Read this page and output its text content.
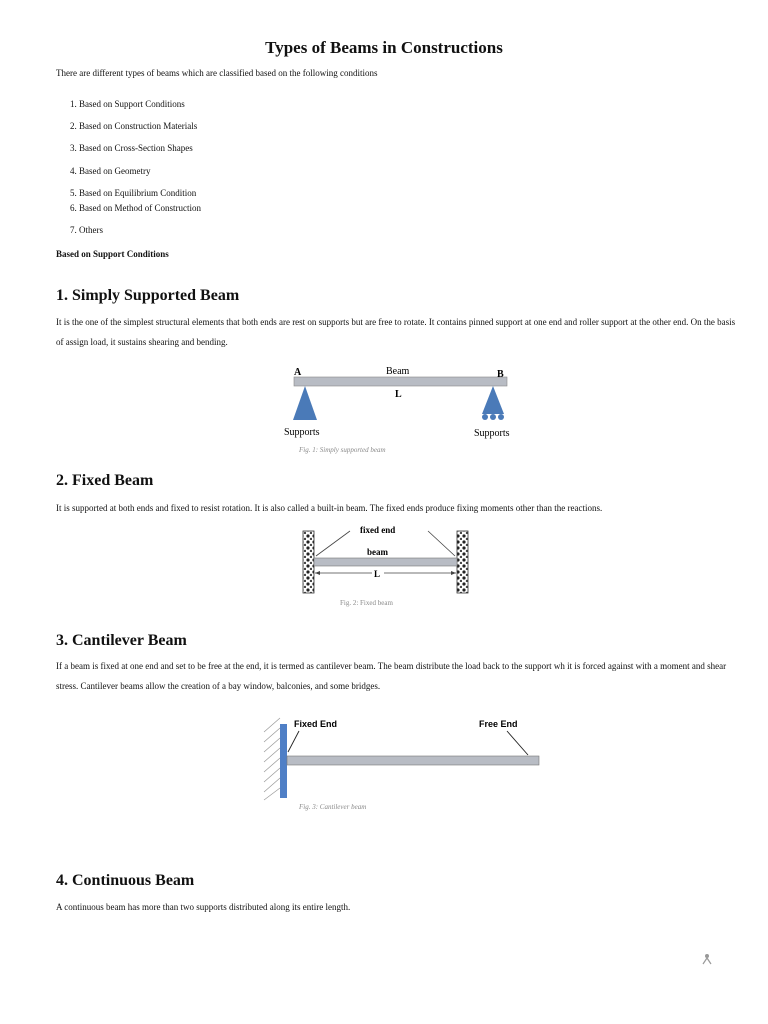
Types of Beams in Constructions

There are different types of beams which are classified based on the following conditions

1. Based on Support Conditions
2. Based on Construction Materials
3. Based on Cross-Section Shapes
4. Based on Geometry
5. Based on Equilibrium Condition
6. Based on Method of Construction
7. Others

Based on Support Conditions

1. Simply Supported Beam

It is the one of the simplest structural elements that both ends are rest on supports but are free to rotate. It contains pinned support at one end and roller support at the other end. On the basis of assign load, it sustains shearing and bending.

A	Beam	B
L
Supports	Supports
Fig. 1: Simply supported beam
2. Fixed Beam

It is supported at both ends and fixed to resist rotation. It is also called a built-in beam. The fixed ends produce fixing moments other than the reactions.

fixed end
beam
L
Fig. 2: Fixed beam
3. Cantilever Beam

If a beam is fixed at one end and set to be free at the end, it is termed as cantilever beam. The beam distribute the load back to the support wh it is forced against with a moment and shear stress. Cantilever beams allow the creation of a bay window, balconies, and some bridges.

Fixed End	Free End
Fig. 3: Cantilever beam
4. Continuous Beam

A continuous beam has more than two supports distributed along its entire length.
